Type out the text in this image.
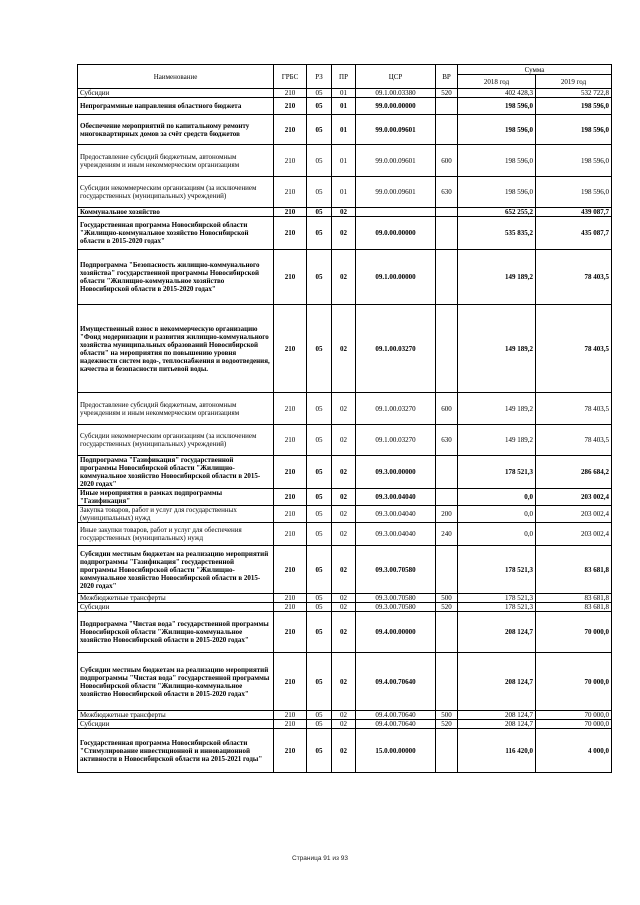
Наименование	ГРБС	РЗ	ПР	ЦСР	ВР	Сумма	
						2018 год	2019 год
Субсидии	210	05	01	09.1.00.03380	520	402 428,3	532 722,8
Непрограммные направления областного бюджета	210	05	01	99.0.00.00000		198 596,0	198 596,0
Обеспечение мероприятий по капитальному ремонту многоквартирных домов за счёт средств бюджетов	210	05	01	99.0.00.09601		198 596,0	198 596,0
Предоставление субсидий бюджетным, автономным учреждениям и иным некоммерческим организациям	210	05	01	99.0.00.09601	600	198 596,0	198 596,0
Субсидии некоммерческим организациям (за исключением государственных (муниципальных) учреждений)	210	05	01	99.0.00.09601	630	198 596,0	198 596,0
Коммунальное хозяйство	210	05	02			652 255,2	439 087,7
Государственная программа Новосибирской области "Жилищно-коммунальное хозяйство Новосибирской области в 2015-2020 годах"	210	05	02	09.0.00.00000		535 835,2	435 087,7
Подпрограмма "Безопасность жилищно-коммунального хозяйства" государственной программы Новосибирской области "Жилищно-коммунальное хозяйство Новосибирской области в 2015-2020 годах"	210	05	02	09.1.00.00000		149 189,2	78 403,5
Имущественный взнос в некоммерческую организацию "Фонд модернизации и развития жилищно-коммунального хозяйства муниципальных образований Новосибирской области" на мероприятия по повышению уровня надежности систем водо-, теплоснабжения и водоотведения, качества и безопасности питьевой воды.	210	05	02	09.1.00.03270		149 189,2	78 403,5
Предоставление субсидий бюджетным, автономным учреждениям и иным некоммерческим организациям	210	05	02	09.1.00.03270	600	149 189,2	78 403,5
Субсидии некоммерческим организациям (за исключением государственных (муниципальных) учреждений)	210	05	02	09.1.00.03270	630	149 189,2	78 403,5
Подпрограмма "Газификация" государственной программы Новосибирской области "Жилищно-коммунальное хозяйство Новосибирской области в 2015-2020 годах"	210	05	02	09.3.00.00000		178 521,3	286 684,2
Иные мероприятия в рамках подпрограммы "Газификация"	210	05	02	09.3.00.04040		0,0	203 002,4
Закупка товаров, работ и услуг для государственных (муниципальных) нужд	210	05	02	09.3.00.04040	200	0,0	203 002,4
Иные закупки товаров, работ и услуг для обеспечения государственных (муниципальных) нужд	210	05	02	09.3.00.04040	240	0,0	203 002,4
Субсидии местным бюджетам на реализацию мероприятий подпрограммы "Газификация" государственной программы Новосибирской области "Жилищно-коммунальное хозяйство Новосибирской области в 2015-2020 годах"	210	05	02	09.3.00.70580		178 521,3	83 681,8
Межбюджетные трансферты	210	05	02	09.3.00.70580	500	178 521,3	83 681,8
Субсидии	210	05	02	09.3.00.70580	520	178 521,3	83 681,8
Подпрограмма "Чистая вода" государственной программы Новосибирской области "Жилищно-коммунальное хозяйство Новосибирской области в 2015-2020 годах"	210	05	02	09.4.00.00000		208 124,7	70 000,0
Субсидии местным бюджетам на реализацию мероприятий подпрограммы "Чистая вода" государственной программы Новосибирской области "Жилищно-коммунальное хозяйство Новосибирской области в 2015-2020 годах"	210	05	02	09.4.00.70640		208 124,7	70 000,0
Межбюджетные трансферты	210	05	02	09.4.00.70640	500	208 124,7	70 000,0
Субсидии	210	05	02	09.4.00.70640	520	208 124,7	70 000,0
Государственная программа Новосибирской области "Стимулирование инвестиционной и инновационной активности в Новосибирской области на 2015-2021 годы"	210	05	02	15.0.00.00000		116 420,0	4 000,0
Страница 91 из 93
